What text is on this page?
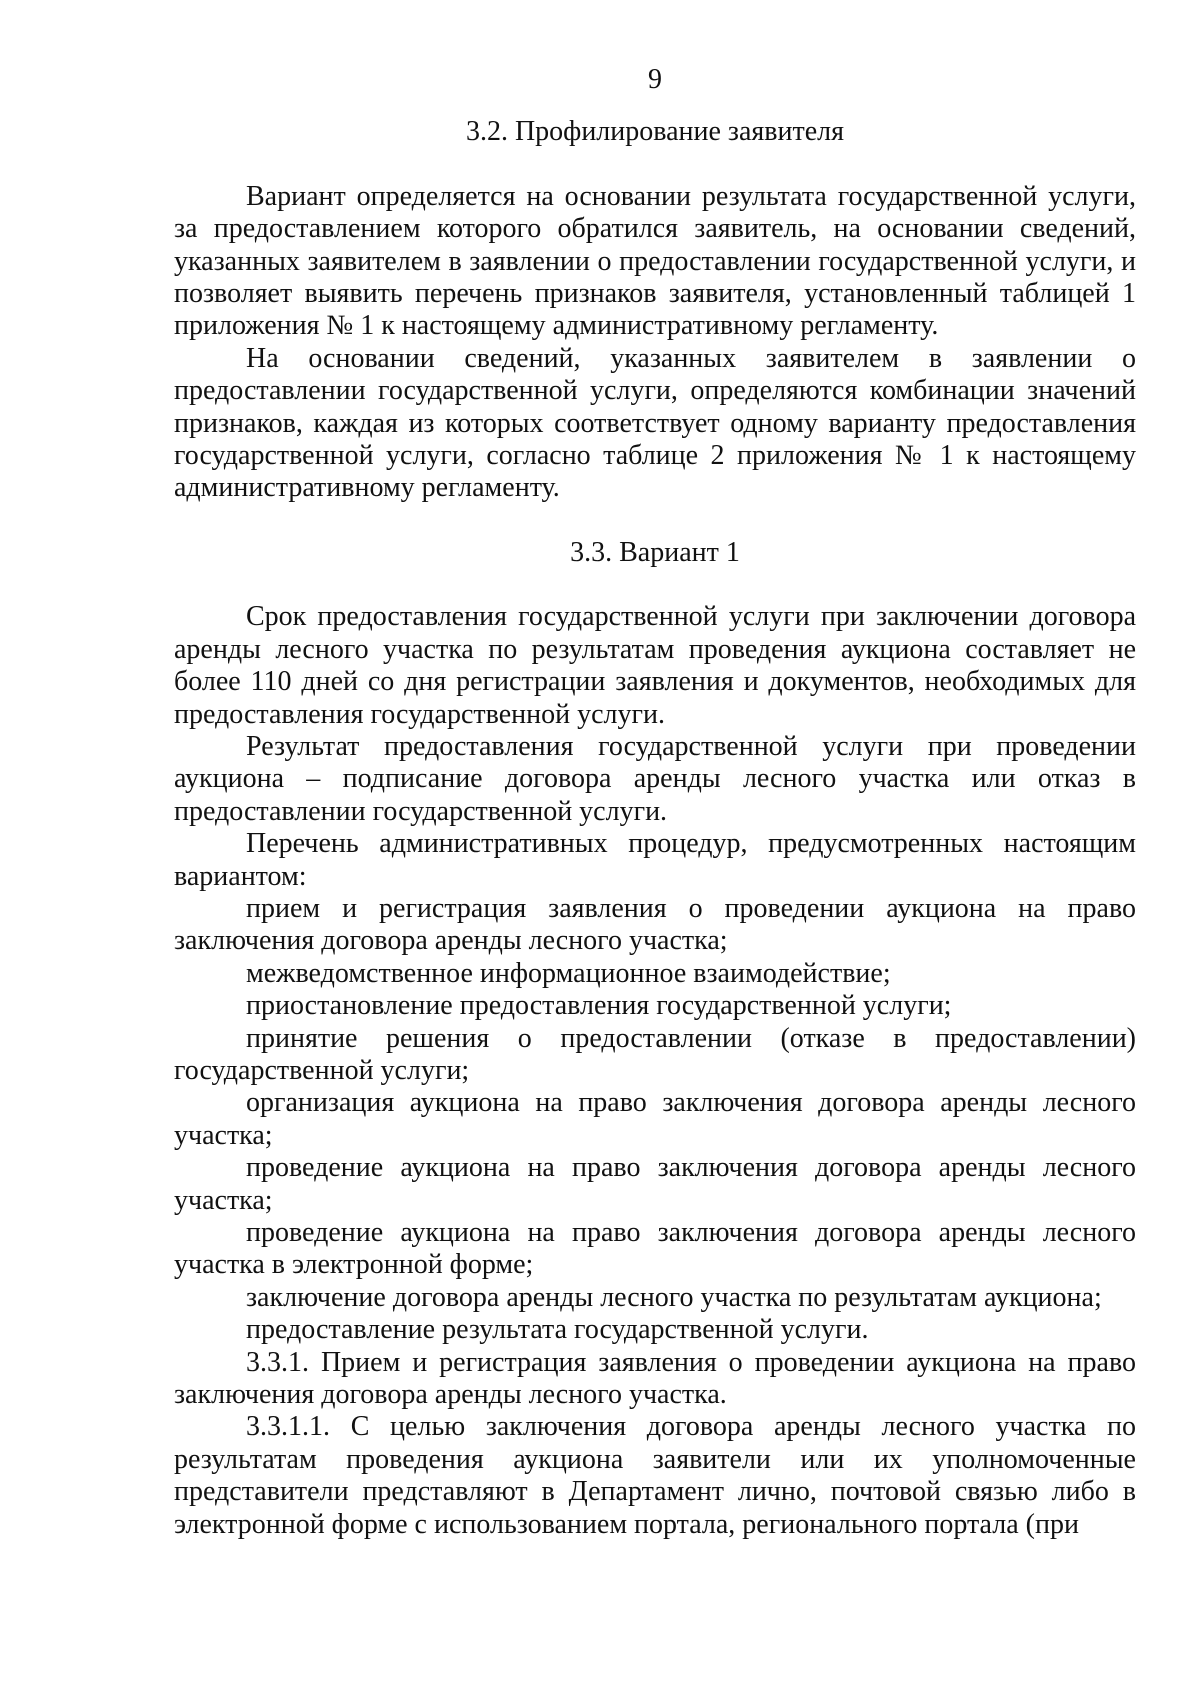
9
3.2. Профилирование заявителя

Вариант определяется на основании результата государственной услуги, за предоставлением которого обратился заявитель, на основании сведений, указанных заявителем в заявлении о предоставлении государственной услуги, и позволяет выявить перечень признаков заявителя, установленный таблицей 1 приложения № 1 к настоящему административному регламенту.

На основании сведений, указанных заявителем в заявлении о предоставлении государственной услуги, определяются комбинации значений признаков, каждая из которых соответствует одному варианту предоставления государственной услуги, согласно таблице 2 приложения № 1 к настоящему административному регламенту.

3.3. Вариант 1

Срок предоставления государственной услуги при заключении договора аренды лесного участка по результатам проведения аукциона составляет не более 110 дней со дня регистрации заявления и документов, необходимых для предоставления государственной услуги.

Результат предоставления государственной услуги при проведении аукциона – подписание договора аренды лесного участка или отказ в предоставлении государственной услуги.

Перечень административных процедур, предусмотренных настоящим вариантом:

прием и регистрация заявления о проведении аукциона на право заключения договора аренды лесного участка;

межведомственное информационное взаимодействие;

приостановление предоставления государственной услуги;

принятие решения о предоставлении (отказе в предоставлении) государственной услуги;

организация аукциона на право заключения договора аренды лесного участка;

проведение аукциона на право заключения договора аренды лесного участка;

проведение аукциона на право заключения договора аренды лесного участка в электронной форме;

заключение договора аренды лесного участка по результатам аукциона;

предоставление результата государственной услуги.

3.3.1. Прием и регистрация заявления о проведении аукциона на право заключения договора аренды лесного участка.

3.3.1.1. С целью заключения договора аренды лесного участка по результатам проведения аукциона заявители или их уполномоченные представители представляют в Департамент лично, почтовой связью либо в электронной форме с использованием портала, регионального портала (при
